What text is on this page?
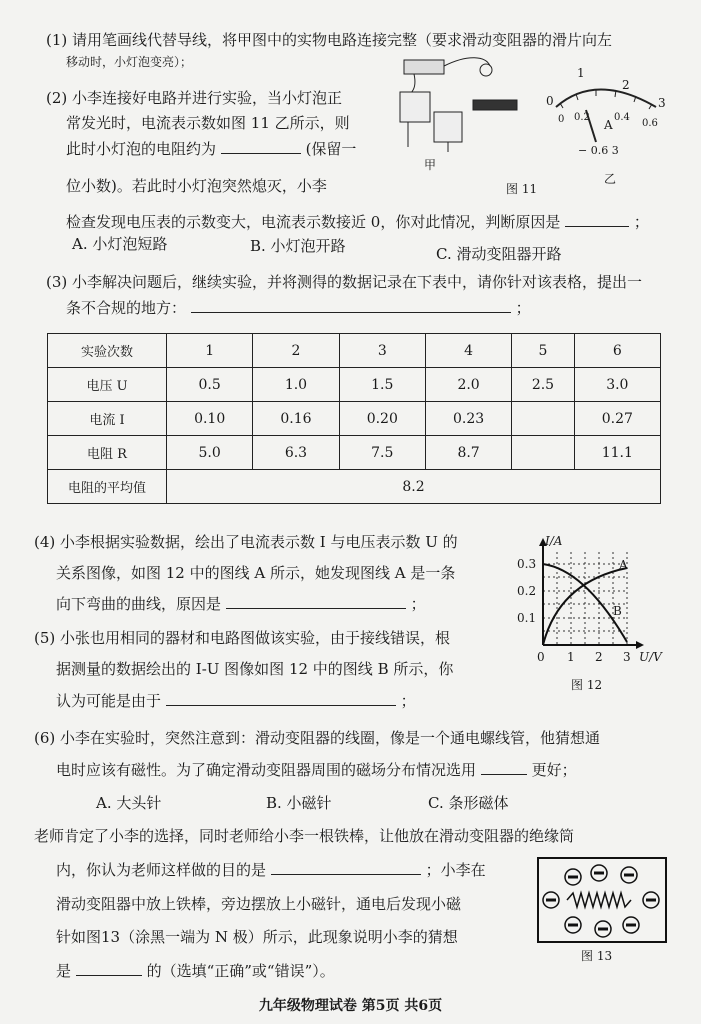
(1) 请用笔画线代替导线，将甲图中的实物电路连接完整（要求滑动变阻器的滑片向左
移动时，小灯泡变亮）；
(2) 小李连接好电路并进行实验，当小灯泡正
常发光时，电流表示数如图 11 乙所示，则
此时小灯泡的电阻约为	(保留一
位小数)。若此时小灯泡突然熄灭，小李
检查发现电压表的示数变大，电流表示数接近 0，你对此情况，判断原因是	；
A. 小灯泡短路	B. 小灯泡开路	C. 滑动变阻器开路
0
1
2
3
0 0.2 0.4
0.6
A
− 0.6 3
甲
乙
图 11
(3) 小李解决问题后，继续实验，并将测得的数据记录在下表中，请你针对该表格，提出一
条不合规的地方：	；
实验次数	1	2	3	4	5	6
电压 U	0.5	1.0	1.5	2.0	2.5	3.0
电流 I	0.10	0.16	0.20	0.23		0.27
电阻 R	5.0	6.3	7.5	8.7		11.1
电阻的平均值	8.2					
(4) 小李根据实验数据，绘出了电流表示数 I 与电压表示数 U 的
关系图像，如图 12 中的图线 A 所示，她发现图线 A 是一条
向下弯曲的曲线，原因是	；
(5) 小张也用相同的器材和电路图做该实验，由于接线错误，根
据测量的数据绘出的 I-U 图像如图 12 中的图线 B 所示，你
认为可能是由于	；
I/A
0.3
0.2
0.1
0 1 2 3 U/V
A
B
图 12
(6) 小李在实验时，突然注意到：滑动变阻器的线圈，像是一个通电螺线管，他猜想通
电时应该有磁性。为了确定滑动变阻器周围的磁场分布情况选用	更好；
A. 大头针	B. 小磁针	C. 条形磁体
老师肯定了小李的选择，同时老师给小李一根铁棒，让他放在滑动变阻器的绝缘筒
内，你认为老师这样做的目的是	；小李在
滑动变阻器中放上铁棒，旁边摆放上小磁针，通电后发现小磁
针如图13（涂黑一端为 N 极）所示，此现象说明小李的猜想
是	的（选填“正确”或“错误”）。
图 13
九年级物理试卷 第5页 共6页
